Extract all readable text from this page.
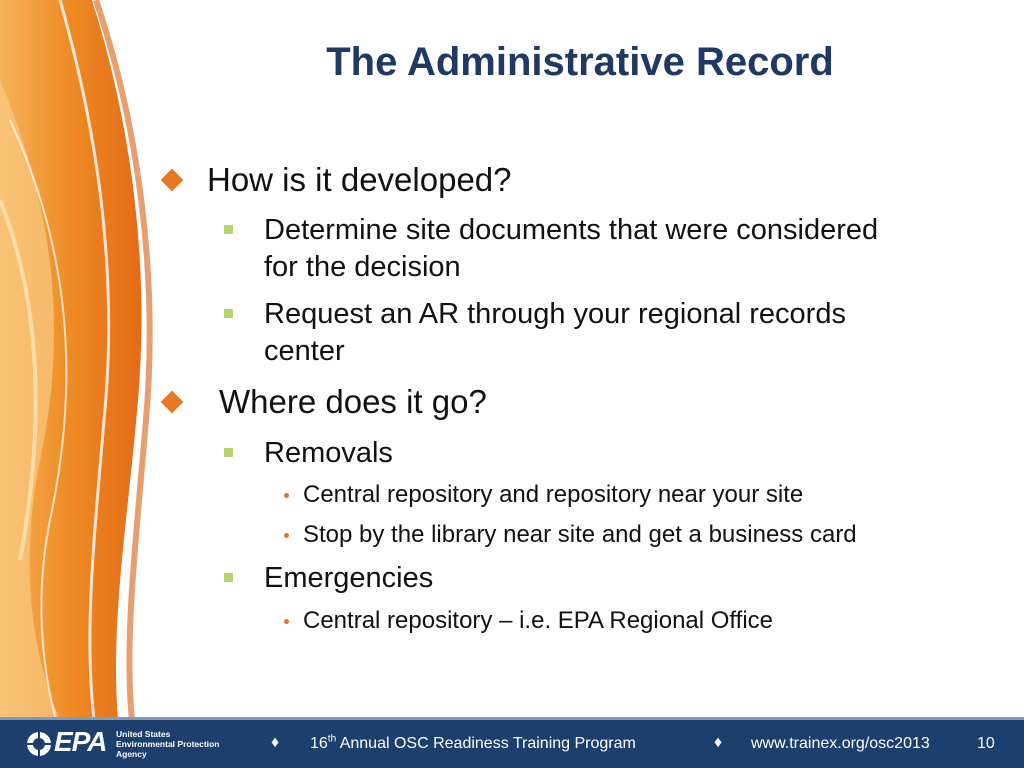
The Administrative Record
How is it developed?
Determine site documents that were considered
for the decision
Request an AR through your regional records
center
Where does it go?
Removals
Central repository and repository near your site
Stop by the library near site and get a business card
Emergencies
Central repository – i.e. EPA Regional Office
EPA United States
Environmental Protection
Agency
♦ 16th Annual OSC Readiness Training Program	♦ www.trainex.org/osc2013	10
